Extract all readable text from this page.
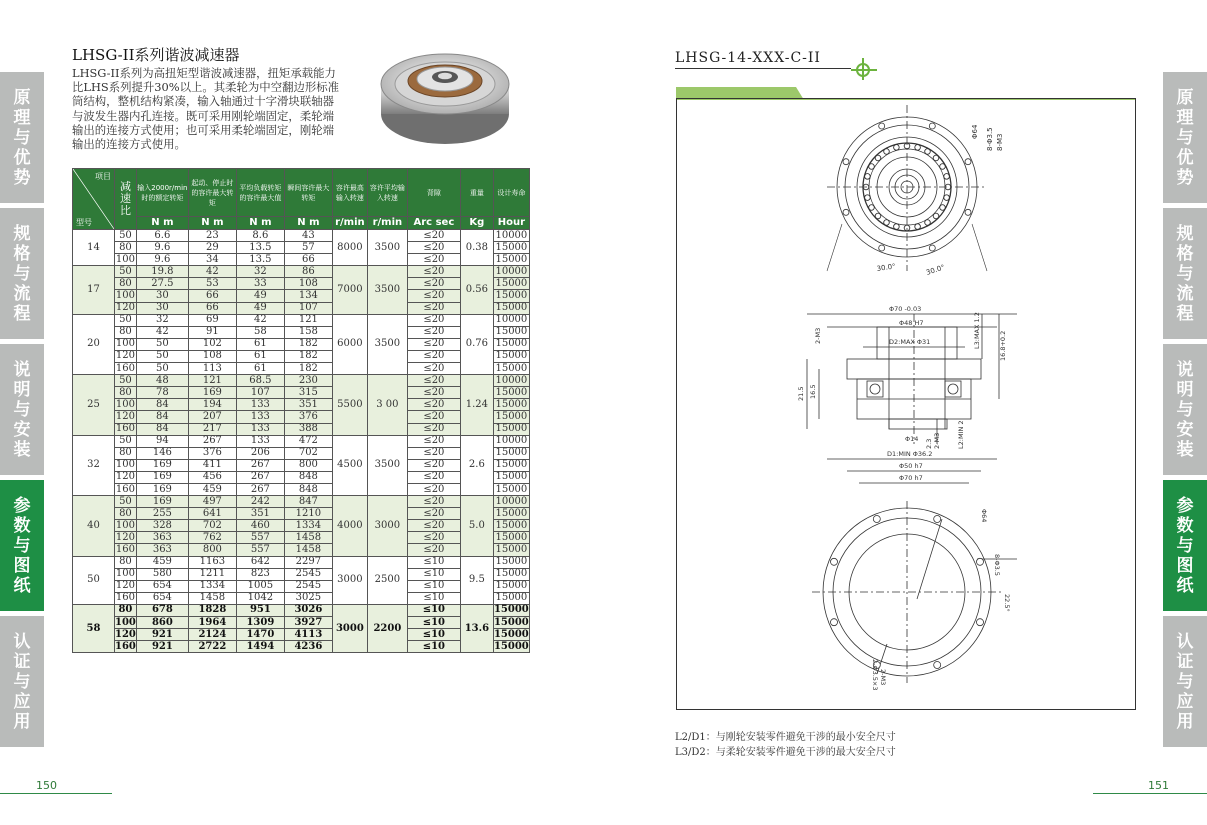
原理与优势
规格与流程
说明与安装
参数与图纸
认证与应用
原理与优势
规格与流程
说明与安装
参数与图纸
认证与应用
LHSG-II系列谐波减速器
LHSG-II系列为高扭矩型谐波减速器，扭矩承载能力
比LHS系列提升30%以上。其柔轮为中空翻边形标准
筒结构，整机结构紧凑，输入轴通过十字滑块联轴器
与波发生器内孔连接。既可采用刚轮端固定，柔轮端
输出的连接方式使用；也可采用柔轮端固定，刚轮端
输出的连接方式使用。
项目
型号	减速比	输入2000r/min时的额定转矩	起动、停止时的容许最大转矩	平均负载转矩的容许最大值	瞬间容许最大转矩	容许最高输入转速	容许平均输入转速	背隙	重量	设计寿命
		N m	N m	N m	N m	r/min	r/min	Arc sec	Kg	Hour
14	50	6.6	23	8.6	43	8000	3500	≤20	0.38	10000
	80	9.6	29	13.5	57			≤20		15000
	100	9.6	34	13.5	66			≤20		15000
17	50	19.8	42	32	86	7000	3500	≤20	0.56	10000
	80	27.5	53	33	108			≤20		15000
	100	30	66	49	134			≤20		15000
	120	30	66	49	107			≤20		15000
20	50	32	69	42	121	6000	3500	≤20	0.76	10000
	80	42	91	58	158			≤20		15000
	100	50	102	61	182			≤20		15000
	120	50	108	61	182			≤20		15000
	160	50	113	61	182			≤20		15000
25	50	48	121	68.5	230	5500	3 00	≤20	1.24	10000
	80	78	169	107	315			≤20		15000
	100	84	194	133	351			≤20		15000
	120	84	207	133	376			≤20		15000
	160	84	217	133	388			≤20		15000
32	50	94	267	133	472	4500	3500	≤20	2.6	10000
	80	146	376	206	702			≤20		15000
	100	169	411	267	800			≤20		15000
	120	169	456	267	848			≤20		15000
	160	169	459	267	848			≤20		15000
40	50	169	497	242	847	4000	3000	≤20	5.0	10000
	80	255	641	351	1210			≤20		15000
	100	328	702	460	1334			≤20		15000
	120	363	762	557	1458			≤20		15000
	160	363	800	557	1458			≤20		15000
50	80	459	1163	642	2297	3000	2500	≤10	9.5	15000
	100	580	1211	823	2545			≤10		15000
	120	654	1334	1005	2545			≤10		15000
	160	654	1458	1042	3025			≤10		15000
58	80	678	1828	951	3026	3000	2200	≤10	13.6	15000
	100	860	1964	1309	3927			≤10		15000
	120	921	2124	1470	4113			≤10		15000
	160	921	2722	1494	4236			≤10		15000
150
LHSG-14-XXX-C-II
30.0°	30.0°
8-Φ3.5 8-M3
Φ64
Φ70 -0.03
Φ48 H7
D2:MAX Φ31
2-M3	L3:MAX 1.2	16.8+0.2
16.5
21.5
Φ14 2.3 2-M3 L2:MIN 2
D1:MIN Φ36.2
Φ50 h7
Φ70 h7
Φ64
8-Φ3.5
22.5°
2-Φ3.5×3 2-M3
L2/D1：与刚轮安装零件避免干涉的最小安全尺寸
L3/D2：与柔轮安装零件避免干涉的最大安全尺寸
151
